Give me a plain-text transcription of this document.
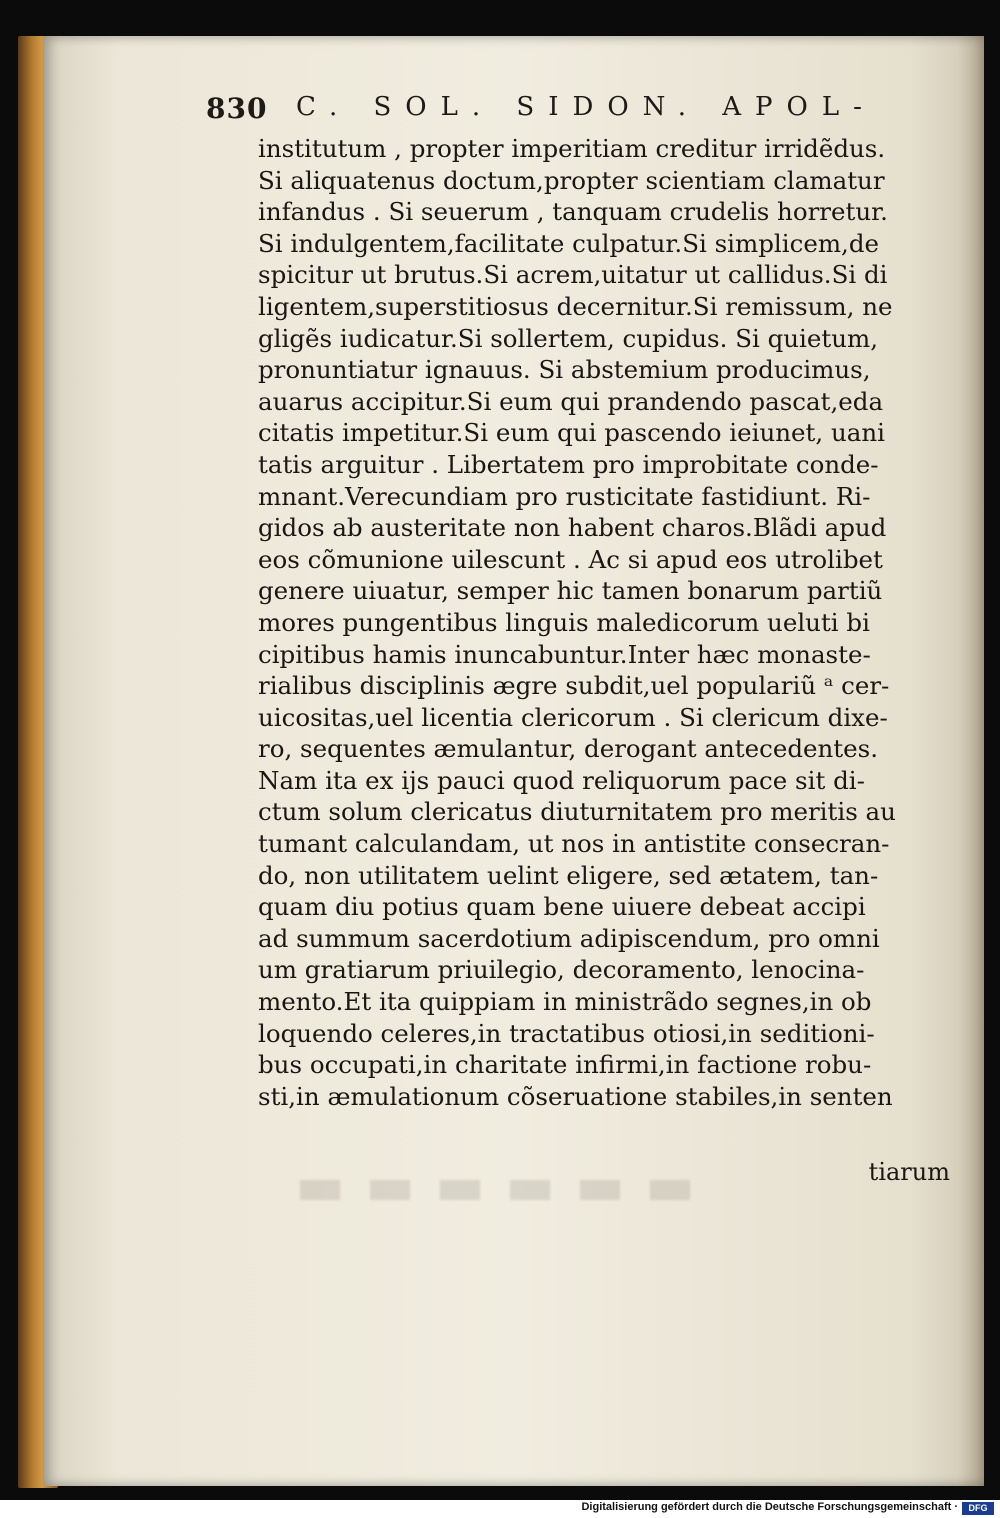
830 C. SOL. SIDON. APOL-
institutum , propter imperitiam creditur irridẽdus.
Si aliquatenus doctum,propter scientiam clamatur
infandus . Si seuerum , tanquam crudelis horretur.
Si indulgentem,facilitate culpatur.Si simplicem,de
spicitur ut brutus.Si acrem,uitatur ut callidus.Si di
ligentem,superstitiosus decernitur.Si remissum, ne
gligẽs iudicatur.Si sollertem, cupidus. Si quietum,
pronuntiatur ignauus. Si abstemium producimus,
auarus accipitur.Si eum qui prandendo pascat,eda
citatis impetitur.Si eum qui pascendo ieiunet, uani
tatis arguitur . Libertatem pro improbitate conde-
mnant.Verecundiam pro rusticitate fastidiunt. Ri-
gidos ab austeritate non habent charos.Blãdi apud
eos cõmunione uilescunt . Ac si apud eos utrolibet
genere uiuatur, semper hic tamen bonarum partiũ
mores pungentibus linguis maledicorum ueluti bi
cipitibus hamis inuncabuntur.Inter hæc monaste-
rialibus disciplinis ægre subdit,uel populariũ ᵃ cer-
uicositas,uel licentia clericorum . Si clericum dixe-
ro, sequentes æmulantur, derogant antecedentes.
Nam ita ex ijs pauci quod reliquorum pace sit di-
ctum solum clericatus diuturnitatem pro meritis au
tumant calculandam, ut nos in antistite consecran-
do, non utilitatem uelint eligere, sed ætatem, tan-
quam diu potius quam bene uiuere debeat accipi
ad summum sacerdotium adipiscendum, pro omni
um gratiarum priuilegio, decoramento, lenocina-
mento.Et ita quippiam in ministrãdo segnes,in ob
loquendo celeres,in tractatibus otiosi,in seditioni-
bus occupati,in charitate infirmi,in factione robu-
sti,in æmulationum cõseruatione stabiles,in senten
tiarum
Digitalisierung gefördert durch die Deutsche Forschungsgemeinschaft ·	DFG
